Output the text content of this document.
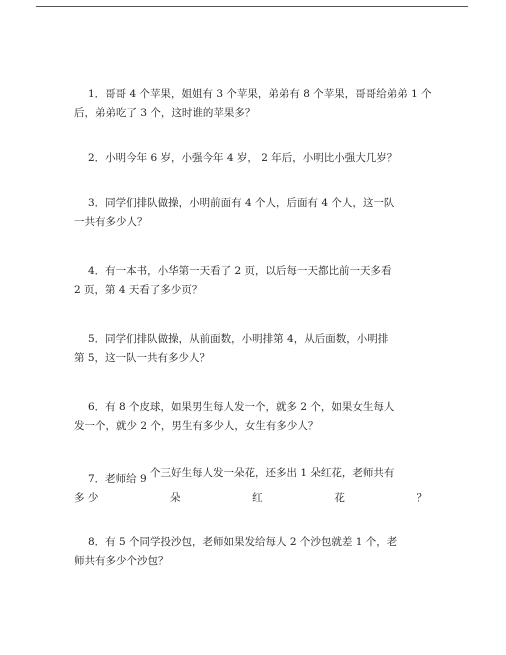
1．哥哥 4 个苹果，姐姐有 3 个苹果，弟弟有 8 个苹果，哥哥给弟弟 1 个
后，弟弟吃了 3 个，这时谁的苹果多？
2．小明今年 6 岁，小强今年 4 岁， 2 年后，小明比小强大几岁？
3．同学们排队做操，小明前面有 4 个人，后面有 4 个人，这一队
一共有多少人？
4．有一本书，小华第一天看了 2 页，以后每一天都比前一天多看
2 页，第 4 天看了多少页？
5．同学们排队做操，从前面数，小明排第 4，从后面数，小明排
第 5，这一队一共有多少人？
6．有 8 个皮球，如果男生每人发一个，就多 2 个，如果女生每人
发一个，就少 2 个，男生有多少人，女生有多少人？
7．老师给 9 个三好生每人发一朵花，还多出 1 朵红花，老师共有
多 少	朵	红	花	？
8．有 5 个同学投沙包，老师如果发给每人 2 个沙包就差 1 个，老
师共有多少个沙包？
